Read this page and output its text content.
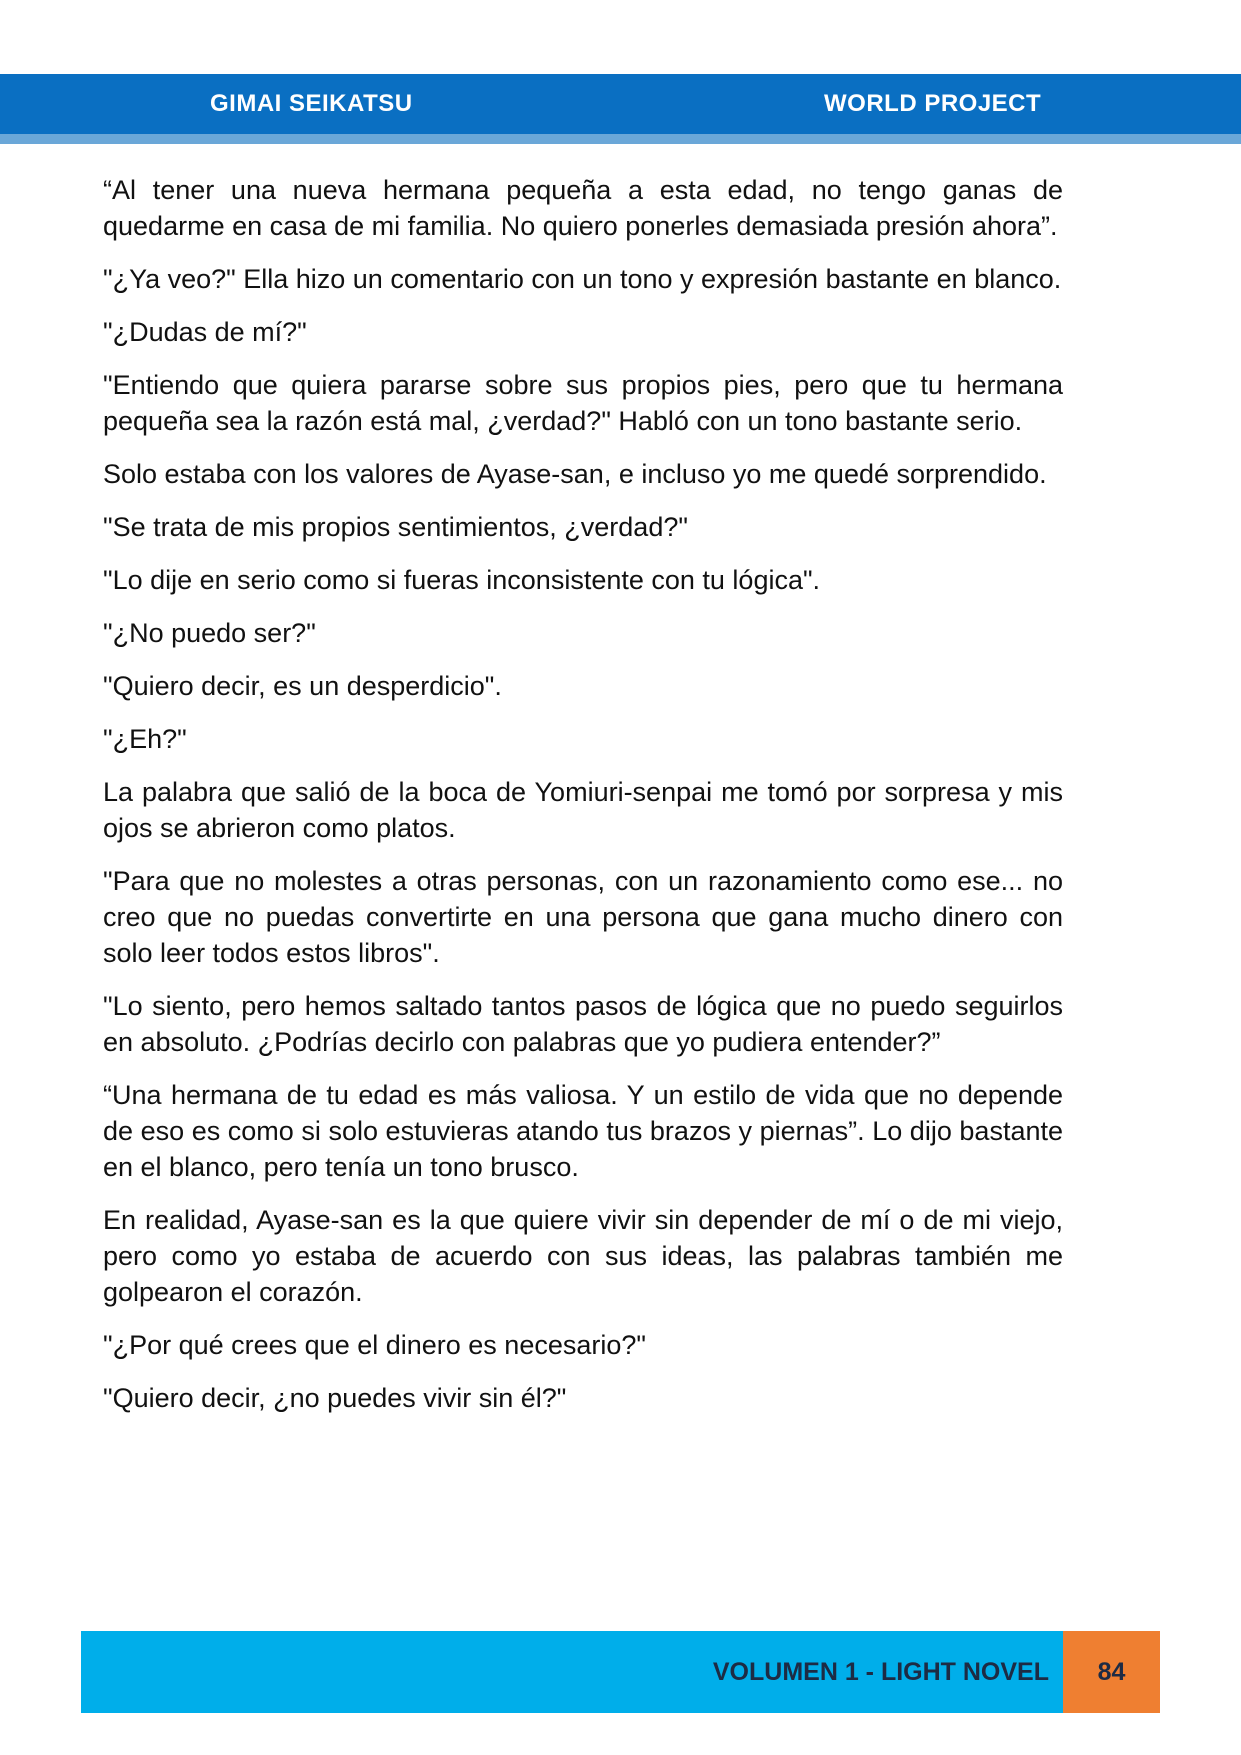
GIMAI SEIKATSU	WORLD PROJECT

“Al tener una nueva hermana pequeña a esta edad, no tengo ganas de quedarme en casa de mi familia. No quiero ponerles demasiada presión ahora”.

"¿Ya veo?" Ella hizo un comentario con un tono y expresión bastante en blanco.

"¿Dudas de mí?"

"Entiendo que quiera pararse sobre sus propios pies, pero que tu hermana pequeña sea la razón está mal, ¿verdad?" Habló con un tono bastante serio.

Solo estaba con los valores de Ayase-san, e incluso yo me quedé sorprendido.

"Se trata de mis propios sentimientos, ¿verdad?"

"Lo dije en serio como si fueras inconsistente con tu lógica".

"¿No puedo ser?"

"Quiero decir, es un desperdicio".

"¿Eh?"

La palabra que salió de la boca de Yomiuri-senpai me tomó por sorpresa y mis ojos se abrieron como platos.

"Para que no molestes a otras personas, con un razonamiento como ese... no creo que no puedas convertirte en una persona que gana mucho dinero con solo leer todos estos libros".

"Lo siento, pero hemos saltado tantos pasos de lógica que no puedo seguirlos en absoluto. ¿Podrías decirlo con palabras que yo pudiera entender?”

“Una hermana de tu edad es más valiosa. Y un estilo de vida que no depende de eso es como si solo estuvieras atando tus brazos y piernas”. Lo dijo bastante en el blanco, pero tenía un tono brusco.

En realidad, Ayase-san es la que quiere vivir sin depender de mí o de mi viejo, pero como yo estaba de acuerdo con sus ideas, las palabras también me golpearon el corazón.

"¿Por qué crees que el dinero es necesario?"

"Quiero decir, ¿no puedes vivir sin él?"

VOLUMEN 1 - LIGHT NOVEL	84
